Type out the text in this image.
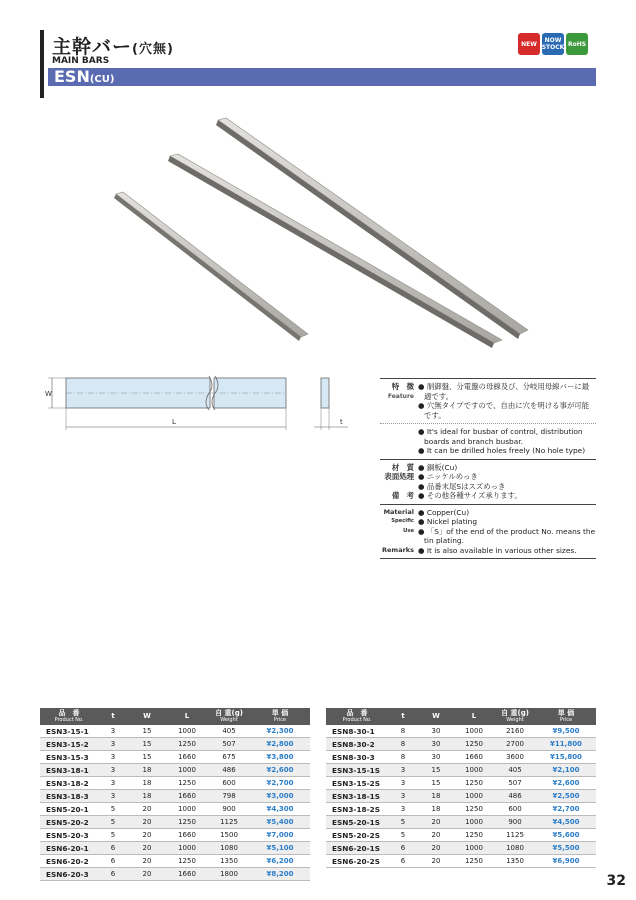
主幹バー(穴無)
MAIN BARS
ESN(CU)
NEW	NOW STOCK RoHS
W
L	t
特　徴
Feature
● 制御盤、分電盤の母線及び、分岐用母線バーに最適です。
● 穴無タイプですので、自由に穴を明ける事が可能です。
● It's ideal for busbar of control, distribution boards and branch busbar.
● It can be drilled holes freely (No hole type)
材　質 ● 銅板(Cu)
表面処理 ● ニッケルめっき
● 品番末尾Sはスズめっき
備　考 ● その他各種サイズ承ります。
Material ● Copper(Cu)
Specific Use
● Nickel plating
● 「S」of the end of the product No. means the tin plating.
Remarks ● It is also available in various other sizes.
品　番
Product No.	t	W	L	自 重(g)
Weight	単 価
Price

ESN3-15-1	3	15	1000	405	¥2,300
ESN3-15-2	3	15	1250	507	¥2,800
ESN3-15-3	3	15	1660	675	¥3,800
ESN3-18-1	3	18	1000	486	¥2,600
ESN3-18-2	3	18	1250	600	¥2,700
ESN3-18-3	3	18	1660	798	¥3,000
ESN5-20-1	5	20	1000	900	¥4,300
ESN5-20-2	5	20	1250	1125	¥5,400
ESN5-20-3	5	20	1660	1500	¥7,000
ESN6-20-1	6	20	1000	1080	¥5,100
ESN6-20-2	6	20	1250	1350	¥6,200
ESN6-20-3	6	20	1660	1800	¥8,200
品　番
Product No.	t	W	L	自 重(g)
Weight	単 価
Price

ESN8-30-1	8	30	1000	2160	¥9,500
ESN8-30-2	8	30	1250	2700	¥11,800
ESN8-30-3	8	30	1660	3600	¥15,800
ESN3-15-1S	3	15	1000	405	¥2,100
ESN3-15-2S	3	15	1250	507	¥2,600
ESN3-18-1S	3	18	1000	486	¥2,500
ESN3-18-2S	3	18	1250	600	¥2,700
ESN5-20-1S	5	20	1000	900	¥4,500
ESN5-20-2S	5	20	1250	1125	¥5,600
ESN6-20-1S	6	20	1000	1080	¥5,500
ESN6-20-2S	6	20	1250	1350	¥6,900
32
